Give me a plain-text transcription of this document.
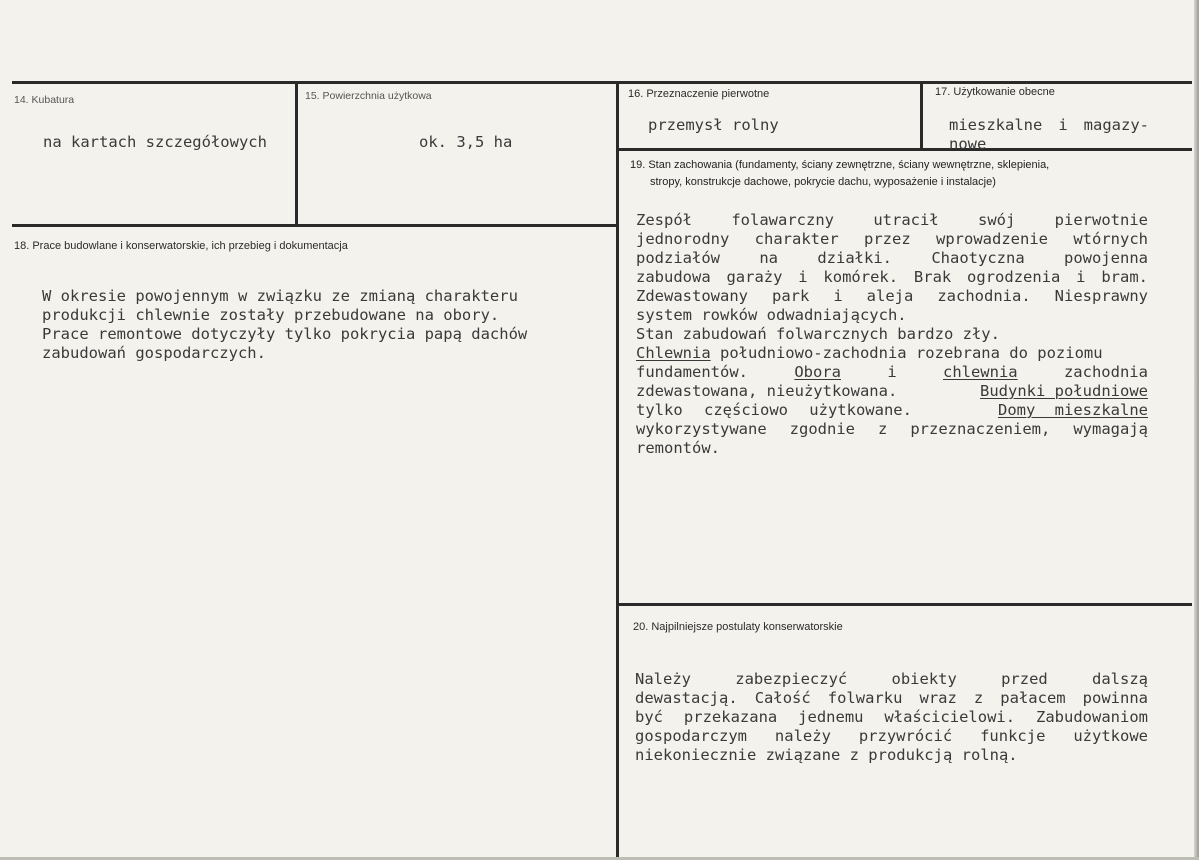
14. Kubatura
na kartach szczegółowych
15. Powierzchnia użytkowa
ok. 3,5 ha
16. Przeznaczenie pierwotne
przemysł rolny
17. Użytkowanie obecne
mieszkalne i magazy-
nowe
18. Prace budowlane i konserwatorskie, ich przebieg i dokumentacja
W okresie powojennym w związku ze zmianą charakteru
produkcji chlewnie zostały przebudowane na obory.
Prace remontowe dotyczyły tylko pokrycia papą dachów
zabudowań gospodarczych.
19. Stan zachowania (fundamenty, ściany zewnętrzne, ściany wewnętrzne, sklepienia,
stropy, konstrukcje dachowe, pokrycie dachu, wyposażenie i instalacje)
Zespół folawarczny utracił swój pierwotnie
jednorodny charakter przez wprowadzenie wtórnych
podziałów na działki. Chaotyczna powojenna
zabudowa garaży i komórek. Brak ogrodzenia i bram.
Zdewastowany park i aleja zachodnia. Niesprawny
system rowków odwadniających.
Stan zabudowań folwarcznych bardzo zły.
Chlewnia południowo-zachodnia rozebrana do poziomu
fundamentów.	Obora	i	chlewnia	zachodnia
zdewastowana, nieużytkowana.	Budynki południowe
tylko częściowo użytkowane.	Domy mieszkalne
wykorzystywane zgodnie z przeznaczeniem, wymagają
remontów.
20. Najpilniejsze postulaty konserwatorskie
Należy zabezpieczyć obiekty przed dalszą
dewastacją. Całość folwarku wraz z pałacem powinna
być przekazana jednemu właścicielowi. Zabudowaniom
gospodarczym należy przywrócić funkcje użytkowe
niekoniecznie związane z produkcją rolną.
